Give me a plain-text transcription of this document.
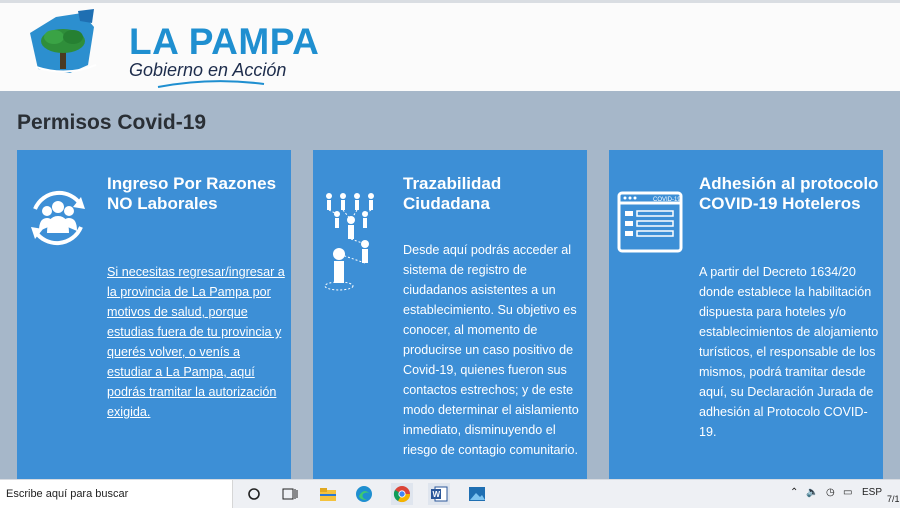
LA PAMPA
Gobierno en Acción
Permisos Covid-19
Ingreso Por Razones NO Laborales

Si necesitas regresar/ingresar a la provincia de La Pampa por motivos de salud, porque estudias fuera de tu provincia y querés volver, o venís a estudiar a La Pampa, aquí podrás tramitar la autorización exigida.

Trazabilidad Ciudadana

Desde aquí podrás acceder al sistema de registro de ciudadanos asistentes a un establecimiento. Su objetivo es conocer, al momento de producirse un caso positivo de Covid-19, quienes fueron sus contactos estrechos; y de este modo determinar el aislamiento inmediato, disminuyendo el riesgo de contagio comunitario.

COVID-19
Adhesión al protocolo COVID-19 Hoteleros

A partir del Decreto 1634/20 donde establece la habilitación dispuesta para hoteles y/o establecimientos de alojamiento turísticos, el responsable de los mismos, podrá tramitar desde aquí, su Declaración Jurada de adhesión al Protocolo COVID-19.

Escribe aquí para buscar	W	⌃ 🔈 ◷ ▭ ESP
7/1
